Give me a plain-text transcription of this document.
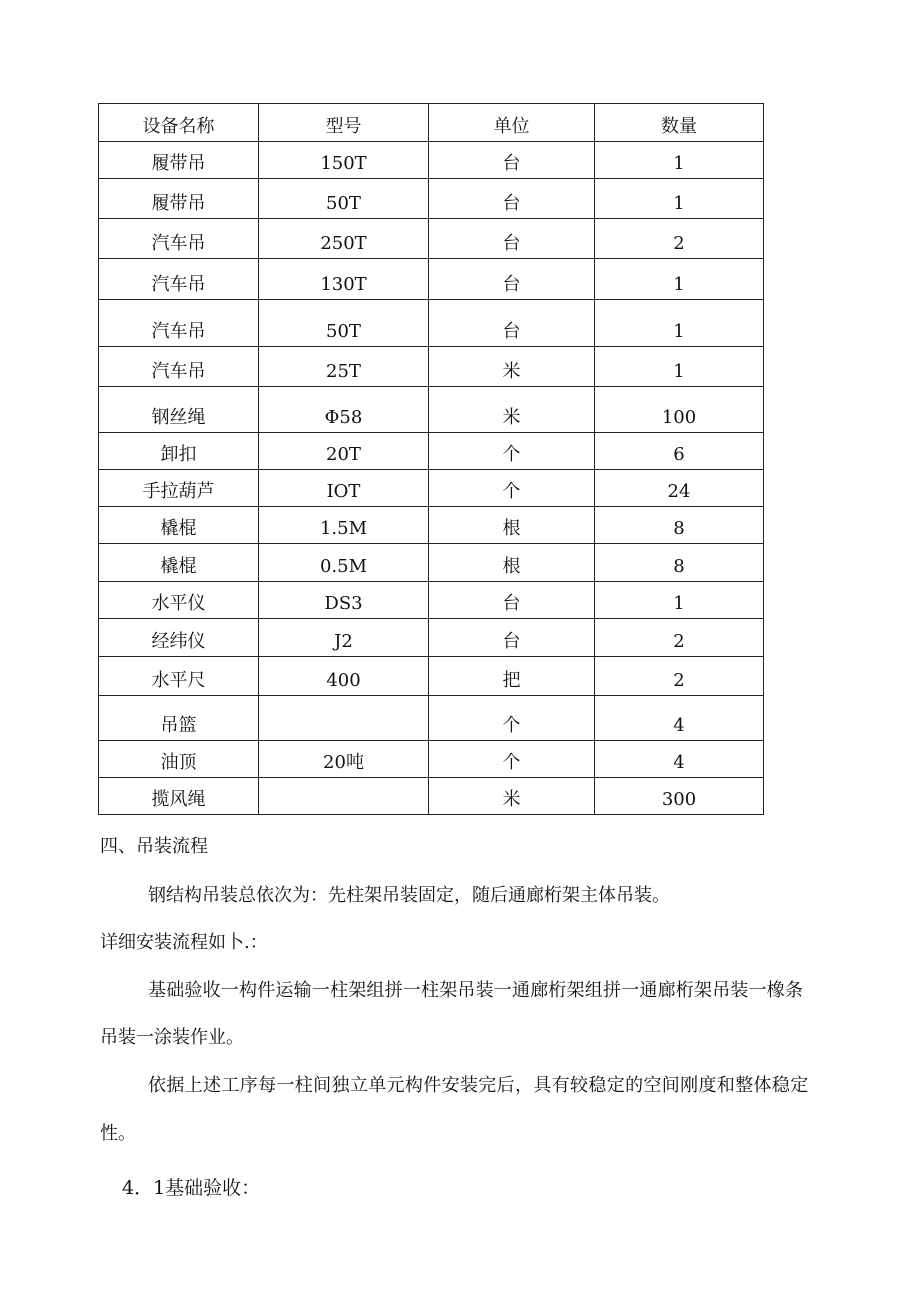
设备名称	型号	单位	数量
履带吊	150T	台	1
履带吊	50T	台	1
汽车吊	250T	台	2
汽车吊	130T	台	1
汽车吊	50T	台	1
汽车吊	25T	米	1
钢丝绳	Φ58	米	100
卸扣	20T	个	6
手拉葫芦	IOT	个	24
橇棍	1.5M	根	8
橇棍	0.5M	根	8
水平仪	DS3	台	1
经纬仪	J2	台	2
水平尺	400	把	2
吊篮		个	4
油顶	20吨	个	4
揽风绳		米	300
四、吊装流程
钢结构吊装总依次为：先柱架吊装固定，随后通廊桁架主体吊装。
详细安装流程如卜.：
基础验收一构件运输一柱架组拼一柱架吊装一通廊桁架组拼一通廊桁架吊装一橡条
吊装一涂装作业。
依据上述工序每一柱间独立单元构件安装完后，具有较稳定的空间刚度和整体稳定
性。
4．1基础验收：
